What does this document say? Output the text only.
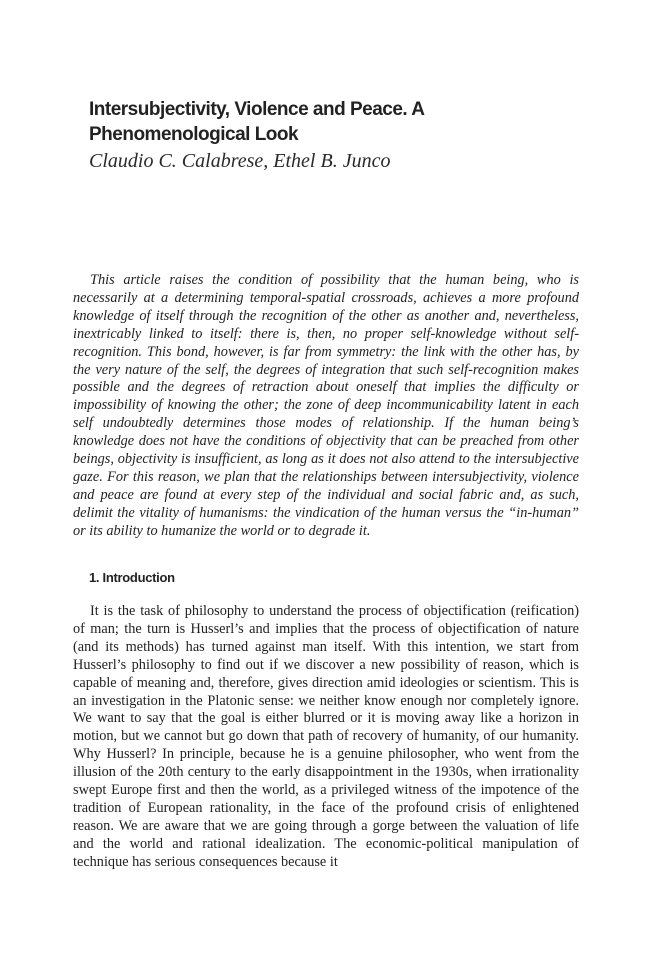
Intersubjectivity, Violence and Peace. A Phenomenological Look

Claudio C. Calabrese, Ethel B. Junco

This article raises the condition of possibility that the human being, who is necessarily at a determining temporal-spatial crossroads, achieves a more profound knowledge of itself through the recognition of the other as another and, nevertheless, inextricably linked to itself: there is, then, no proper self-knowledge without self-recognition. This bond, however, is far from symmetry: the link with the other has, by the very nature of the self, the degrees of integration that such self-recognition makes possible and the degrees of retraction about oneself that implies the difficulty or impossibility of knowing the other; the zone of deep incommunicability latent in each self undoubtedly determines those modes of relationship. If the human being’s knowledge does not have the conditions of objectivity that can be preached from other beings, objectivity is insufficient, as long as it does not also attend to the intersubjective gaze. For this reason, we plan that the relationships between intersubjectivity, violence and peace are found at every step of the individual and social fabric and, as such, delimit the vitality of humanisms: the vindication of the human versus the “in-human” or its ability to humanize the world or to degrade it.

1. Introduction

It is the task of philosophy to understand the process of objectification (reification) of man; the turn is Husserl’s and implies that the process of objectification of nature (and its methods) has turned against man itself. With this intention, we start from Husserl’s philosophy to find out if we discover a new possibility of reason, which is capable of meaning and, therefore, gives direction amid ideologies or scientism. This is an investigation in the Platonic sense: we neither know enough nor completely ignore. We want to say that the goal is either blurred or it is moving away like a horizon in motion, but we cannot but go down that path of recovery of humanity, of our humanity. Why Husserl? In principle, because he is a genuine philosopher, who went from the illusion of the 20th century to the early disappointment in the 1930s, when irrationality swept Europe first and then the world, as a privileged witness of the impotence of the tradition of European rationality, in the face of the profound crisis of enlightened reason. We are aware that we are going through a gorge between the valuation of life and the world and rational idealization. The economic-political manipulation of technique has serious consequences because it
